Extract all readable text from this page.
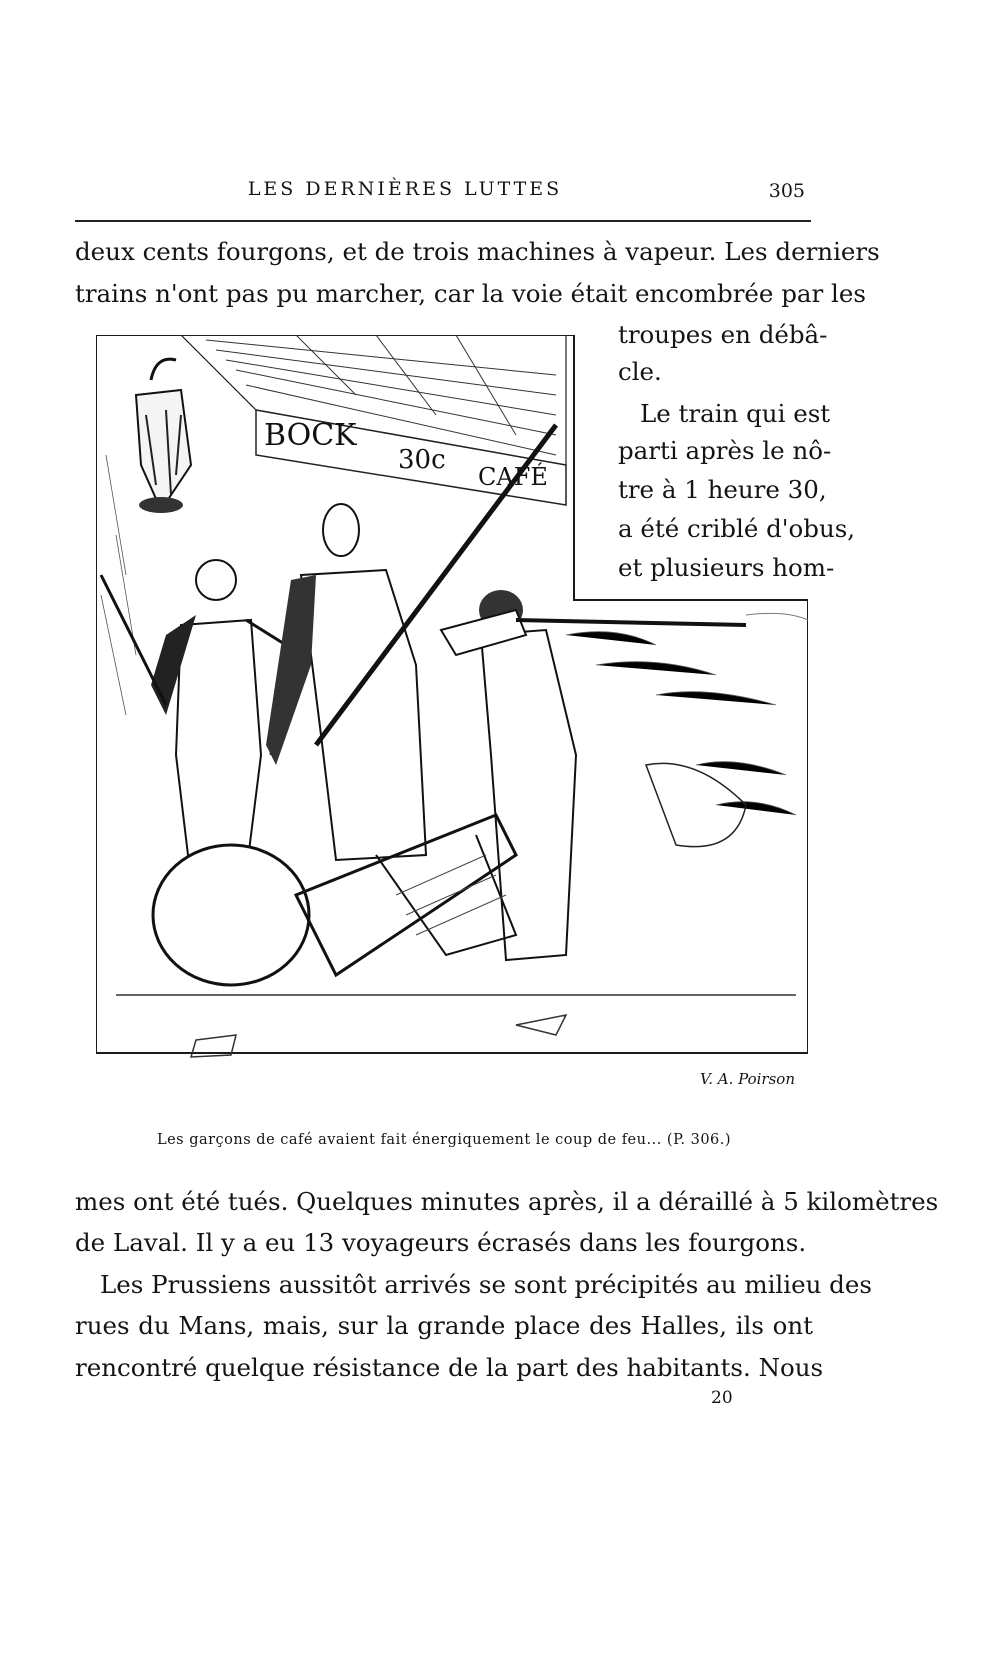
LES DERNIÈRES LUTTES	305
deux cents fourgons, et de trois machines à vapeur. Les derniers
trains n'ont pas pu marcher, car la voie était encombrée par les
troupes en débâ-
cle.
Le train qui est
parti après le nô-
tre à 1 heure 30,
a été criblé d'obus,
et plusieurs hom-
BOCK
30c
CAFÉ
V. A. Poirson
Les garçons de café avaient fait énergiquement le coup de feu... (P. 306.)
mes ont été tués. Quelques minutes après, il a déraillé à 5 kilomètres
de Laval. Il y a eu 13 voyageurs écrasés dans les fourgons.
Les Prussiens aussitôt arrivés se sont précipités au milieu des
rues du Mans, mais, sur la grande place des Halles, ils ont
rencontré quelque résistance de la part des habitants. Nous
20
